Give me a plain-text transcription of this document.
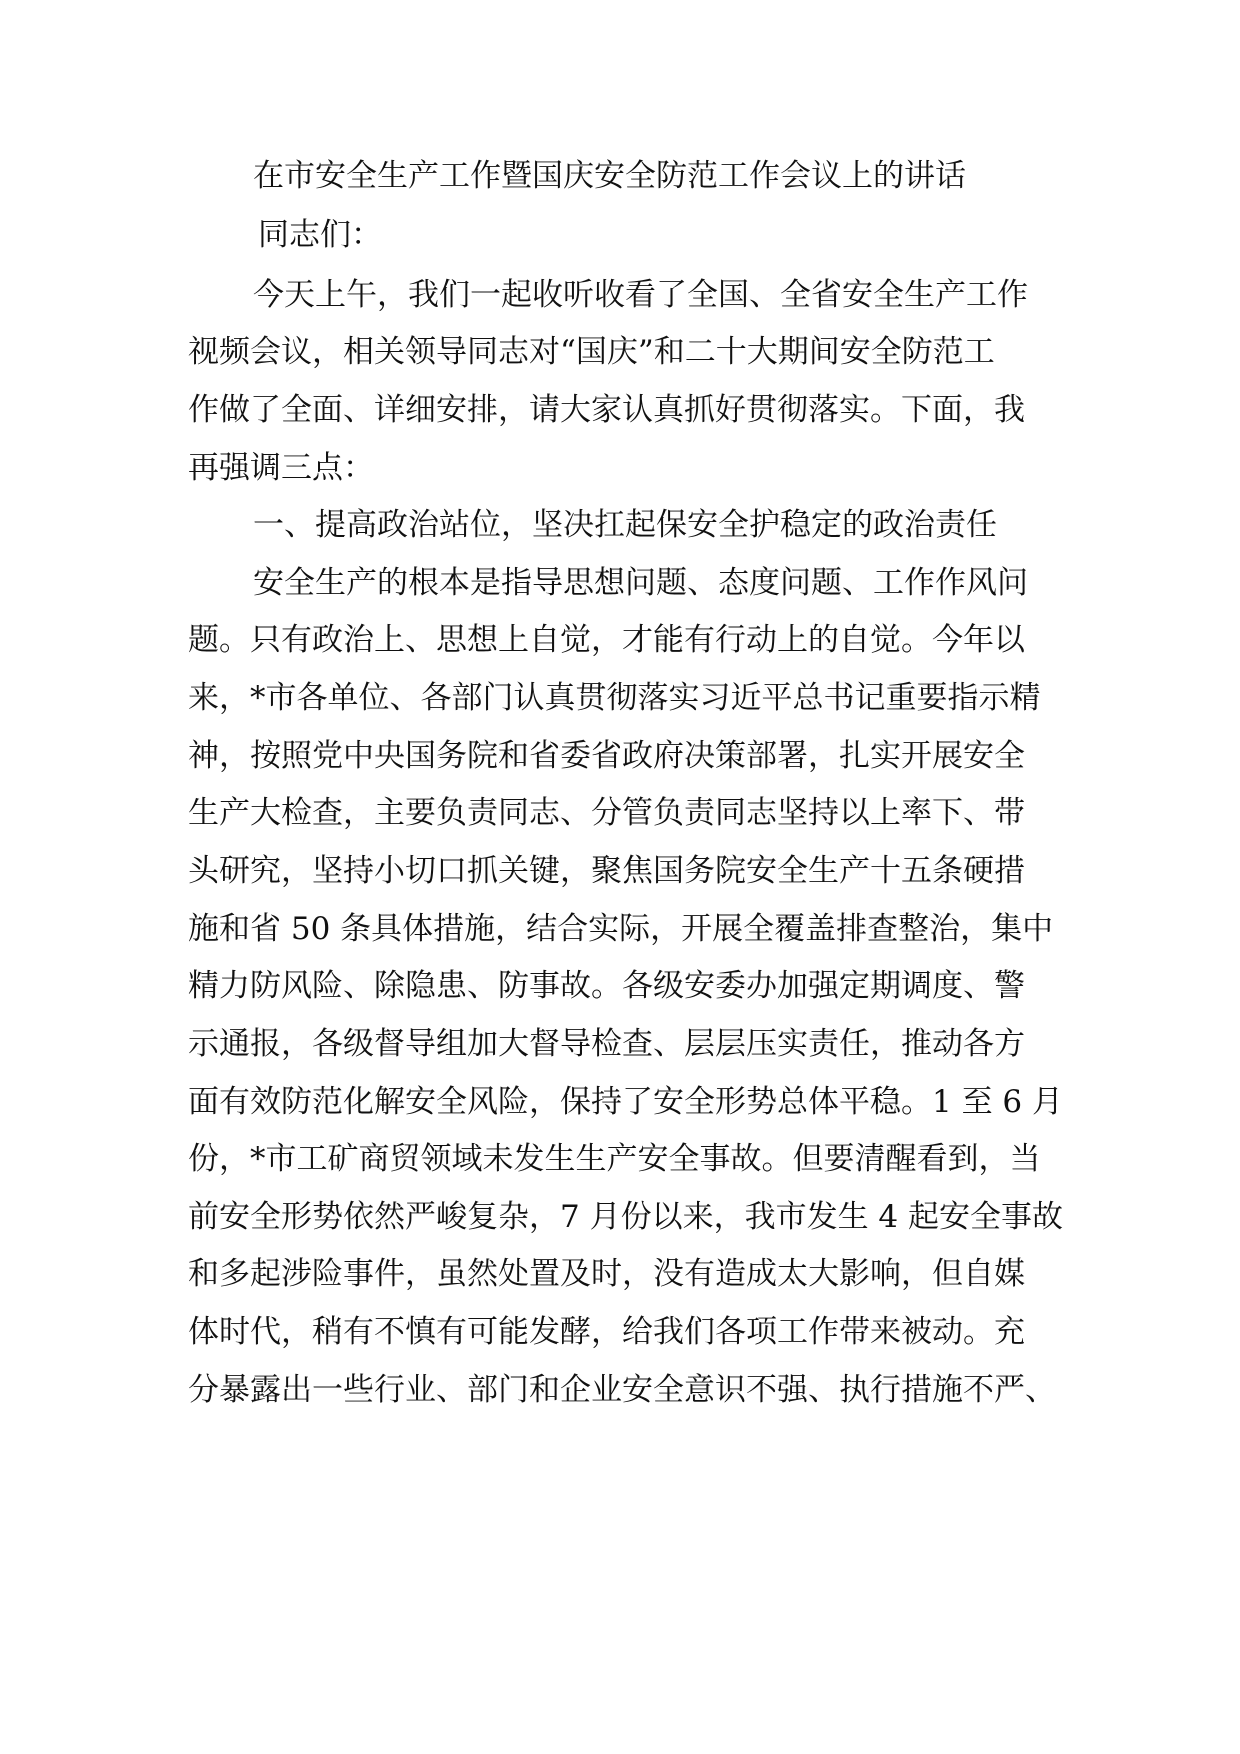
在市安全生产工作暨国庆安全防范工作会议上的讲话
同志们：
今天上午，我们一起收听收看了全国、全省安全生产工作
视频会议，相关领导同志对“国庆”和二十大期间安全防范工
作做了全面、详细安排，请大家认真抓好贯彻落实。下面，我
再强调三点：
一、提高政治站位，坚决扛起保安全护稳定的政治责任
安全生产的根本是指导思想问题、态度问题、工作作风问
题。只有政治上、思想上自觉，才能有行动上的自觉。今年以
来，*市各单位、各部门认真贯彻落实习近平总书记重要指示精
神，按照党中央国务院和省委省政府决策部署，扎实开展安全
生产大检查，主要负责同志、分管负责同志坚持以上率下、带
头研究，坚持小切口抓关键，聚焦国务院安全生产十五条硬措
施和省 50 条具体措施，结合实际，开展全覆盖排查整治，集中
精力防风险、除隐患、防事故。各级安委办加强定期调度、警
示通报，各级督导组加大督导检查、层层压实责任，推动各方
面有效防范化解安全风险，保持了安全形势总体平稳。1 至 6 月
份，*市工矿商贸领域未发生生产安全事故。但要清醒看到，当
前安全形势依然严峻复杂，7 月份以来，我市发生 4 起安全事故
和多起涉险事件，虽然处置及时，没有造成太大影响，但自媒
体时代，稍有不慎有可能发酵，给我们各项工作带来被动。充
分暴露出一些行业、部门和企业安全意识不强、执行措施不严、
